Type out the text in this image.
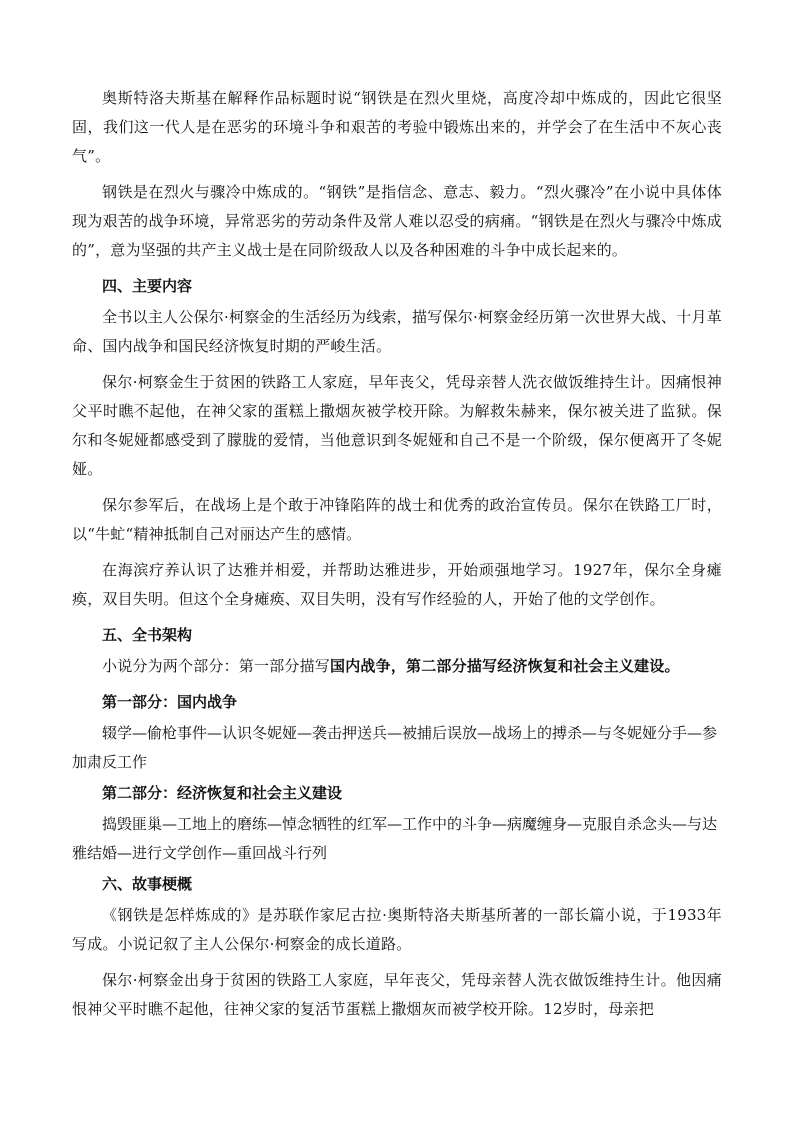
奥斯特洛夫斯基在解释作品标题时说“钢铁是在烈火里烧，高度冷却中炼成的，因此它很坚固，我们这一代人是在恶劣的环境斗争和艰苦的考验中锻炼出来的，并学会了在生活中不灰心丧气”。

钢铁是在烈火与骤冷中炼成的。“钢铁”是指信念、意志、毅力。“烈火骤冷”在小说中具体体现为艰苦的战争环境，异常恶劣的劳动条件及常人难以忍受的病痛。“钢铁是在烈火与骤冷中炼成的”，意为坚强的共产主义战士是在同阶级敌人以及各种困难的斗争中成长起来的。

四、主要内容

全书以主人公保尔·柯察金的生活经历为线索，描写保尔·柯察金经历第一次世界大战、十月革命、国内战争和国民经济恢复时期的严峻生活。

保尔·柯察金生于贫困的铁路工人家庭，早年丧父，凭母亲替人洗衣做饭维持生计。因痛恨神父平时瞧不起他，在神父家的蛋糕上撒烟灰被学校开除。为解救朱赫来，保尔被关进了监狱。保尔和冬妮娅都感受到了朦胧的爱情，当他意识到冬妮娅和自己不是一个阶级，保尔便离开了冬妮娅。

保尔参军后，在战场上是个敢于冲锋陷阵的战士和优秀的政治宣传员。保尔在铁路工厂时，以“牛虻“精神抵制自己对丽达产生的感情。

在海滨疗养认识了达雅并相爱，并帮助达雅进步，开始顽强地学习。1927年，保尔全身瘫痪，双目失明。但这个全身瘫痪、双目失明，没有写作经验的人，开始了他的文学创作。

五、全书架构

小说分为两个部分：第一部分描写国内战争，第二部分描写经济恢复和社会主义建设。

第一部分：国内战争

辍学—偷枪事件—认识冬妮娅—袭击押送兵—被捕后误放—战场上的搏杀—与冬妮娅分手—参加肃反工作

第二部分：经济恢复和社会主义建设

捣毁匪巢—工地上的磨练—悼念牺牲的红军—工作中的斗争—病魔缠身—克服自杀念头—与达雅结婚—进行文学创作—重回战斗行列

六、故事梗概

《钢铁是怎样炼成的》是苏联作家尼古拉·奥斯特洛夫斯基所著的一部长篇小说，于1933年写成。小说记叙了主人公保尔·柯察金的成长道路。

保尔·柯察金出身于贫困的铁路工人家庭，早年丧父，凭母亲替人洗衣做饭维持生计。他因痛恨神父平时瞧不起他，往神父家的复活节蛋糕上撒烟灰而被学校开除。12岁时，母亲把
